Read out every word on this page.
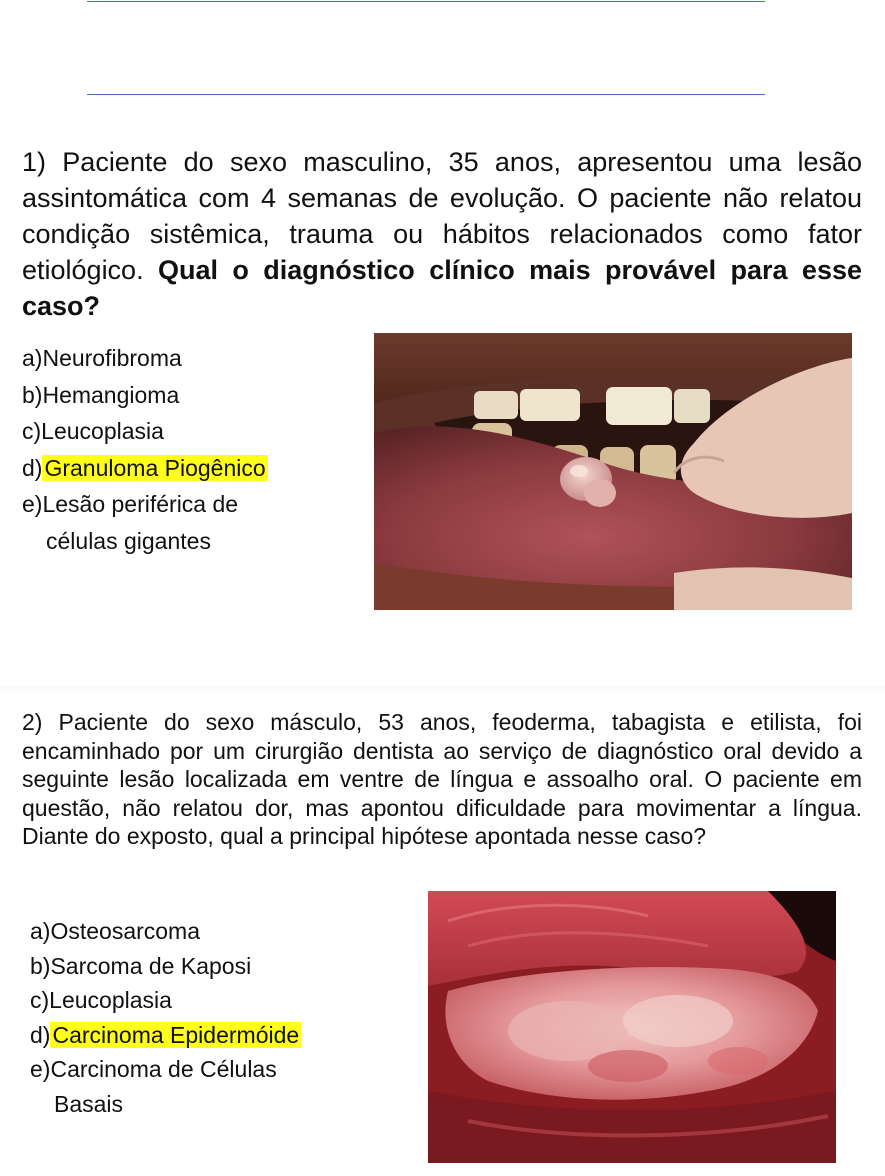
1) Paciente do sexo masculino, 35 anos, apresentou uma lesão assintomática com 4 semanas de evolução. O paciente não relatou condição sistêmica, trauma ou hábitos relacionados como fator etiológico. Qual o diagnóstico clínico mais provável para esse caso?

a)Neurofibroma
b)Hemangioma
c)Leucoplasia
d)Granuloma Piogênico
e)Lesão periférica de
células gigantes

2) Paciente do sexo másculo, 53 anos, feoderma, tabagista e etilista, foi encaminhado por um cirurgião dentista ao serviço de diagnóstico oral devido a seguinte lesão localizada em ventre de língua e assoalho oral. O paciente em questão, não relatou dor, mas apontou dificuldade para movimentar a língua. Diante do exposto, qual a principal hipótese apontada nesse caso?

a)Osteosarcoma
b)Sarcoma de Kaposi
c)Leucoplasia
d)Carcinoma Epidermóide
e)Carcinoma de Células
Basais
